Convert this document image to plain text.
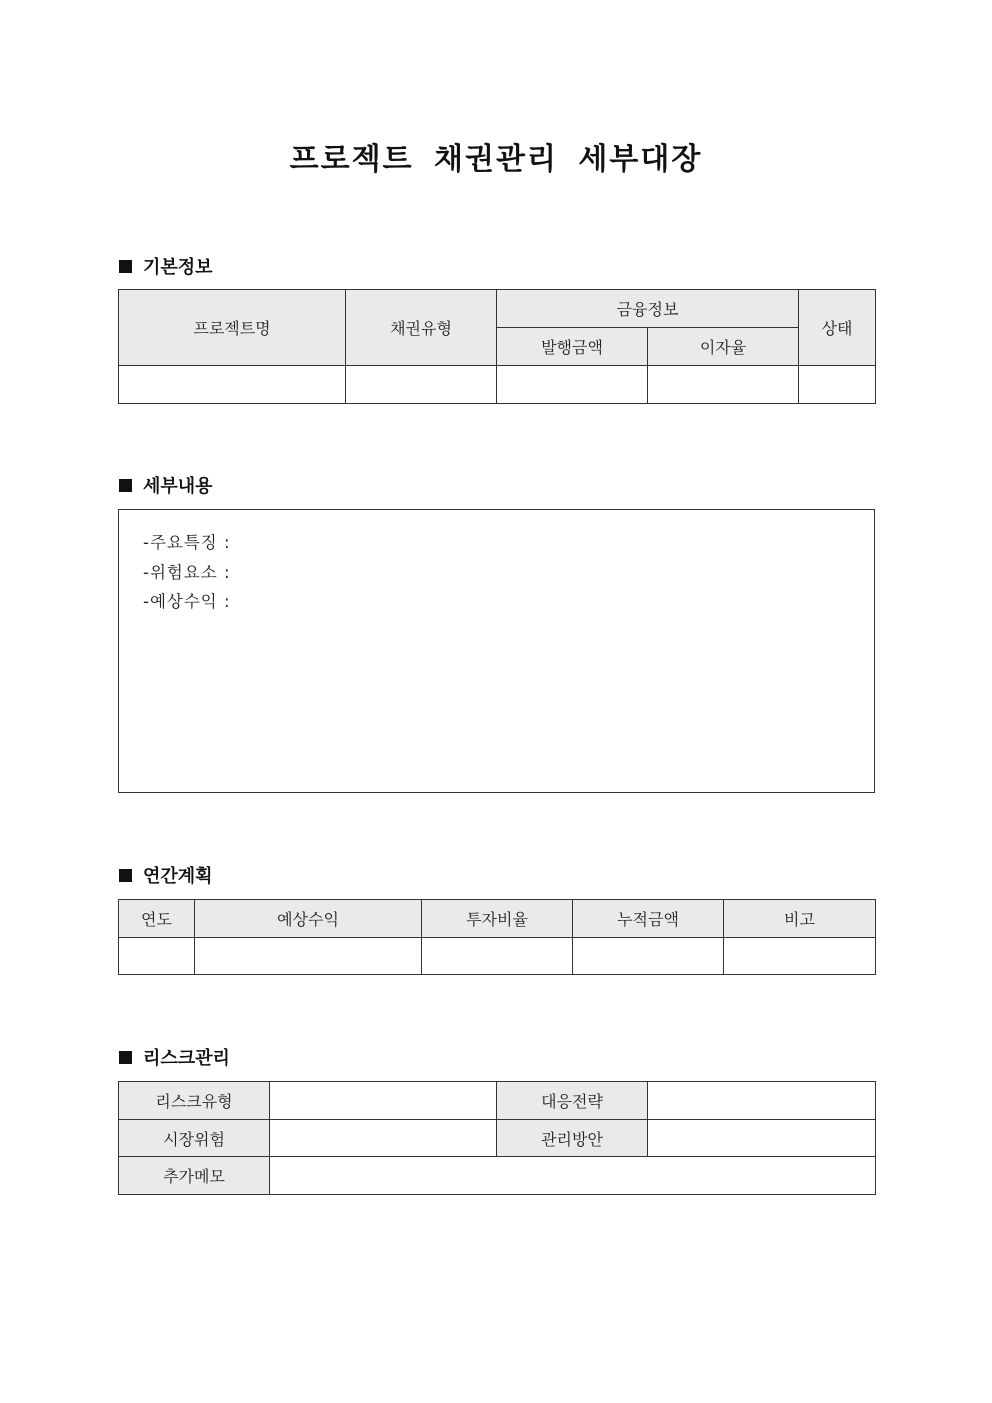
프로젝트 채권관리 세부대장
기본정보
프로젝트명	채권유형	금융정보		상태
		발행금액	이자율	

세부내용
-주요특징 :
-위험요소 :
-예상수익 :
연간계획
연도	예상수익	투자비율	누적금액	비고

리스크관리
리스크유형		대응전략	
시장위험		관리방안	
추가메모			
